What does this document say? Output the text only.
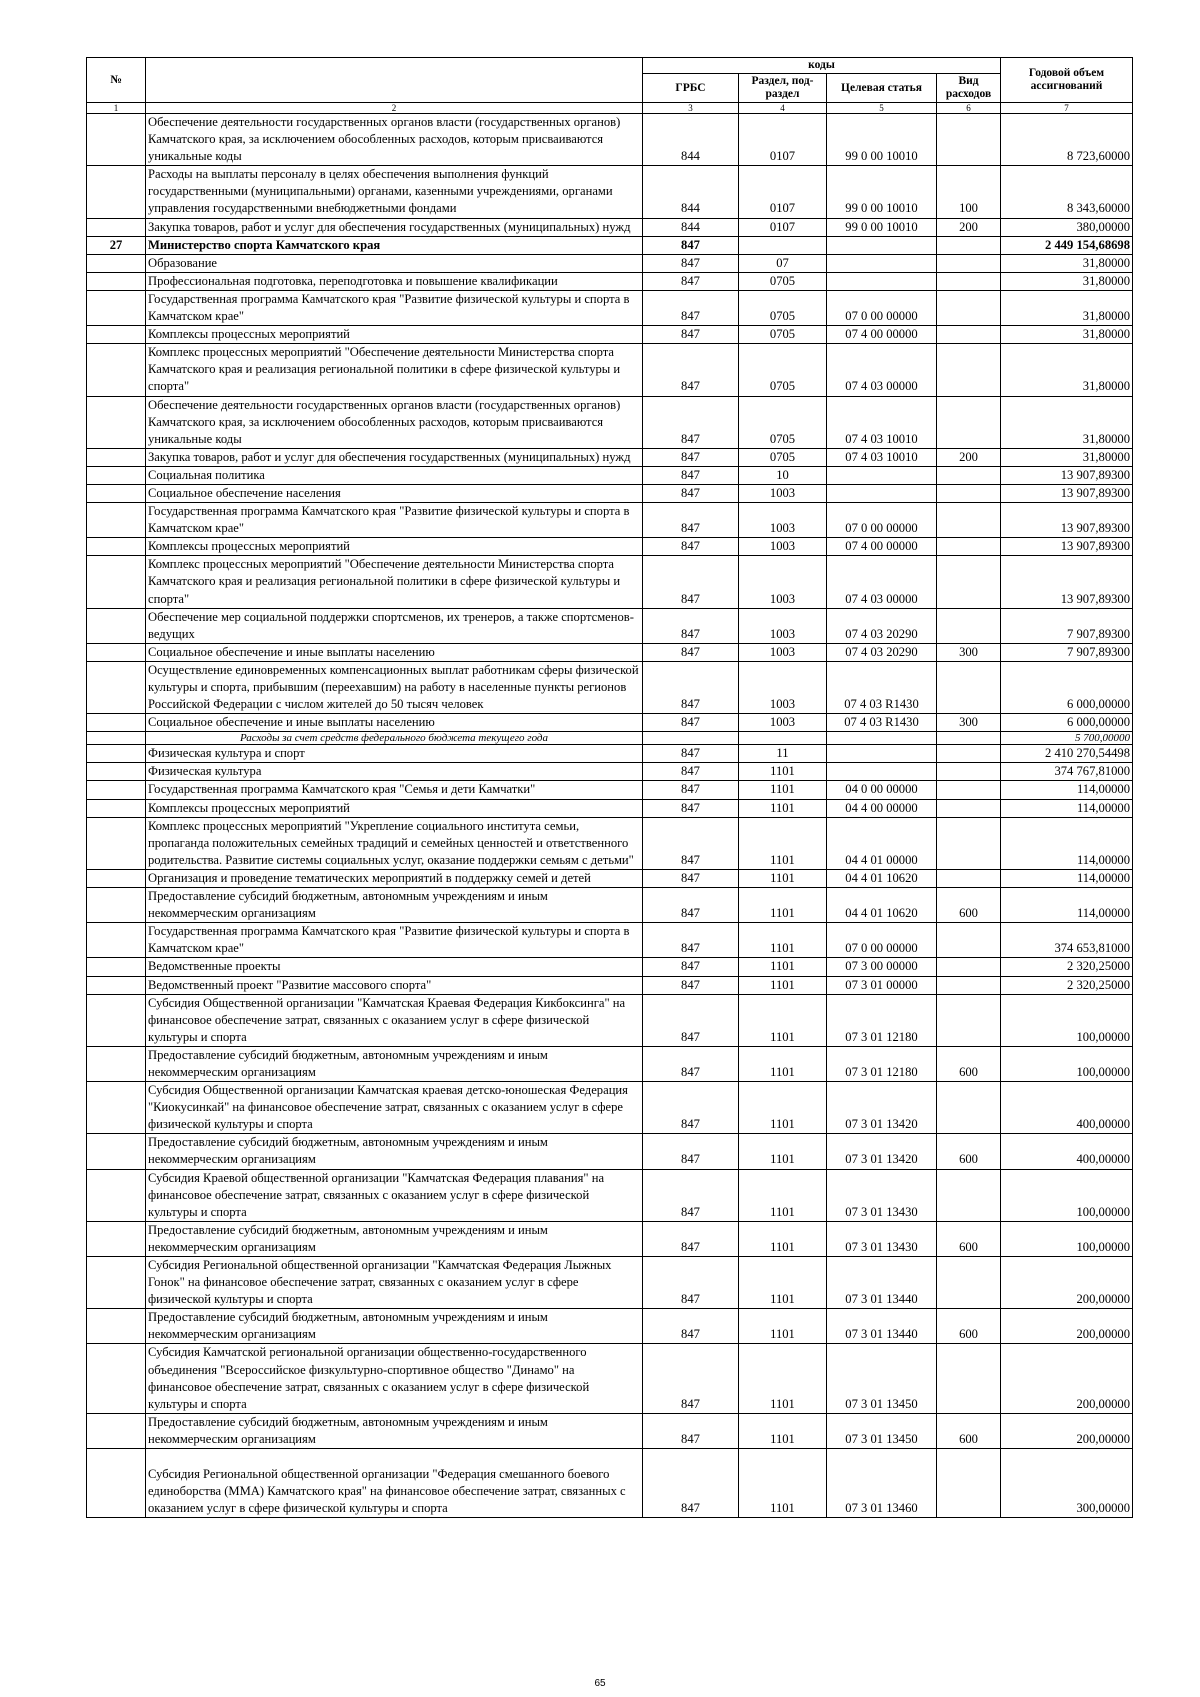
№		коды				Годовой объем ассигнований
		ГРБС	Раздел, под-раздел	Целевая статья	Вид расходов	
1	2	3	4	5	6	7
	Обеспечение деятельности государственных органов власти (государственных органов) Камчатского края, за исключением обособленных расходов, которым присваиваются уникальные коды	844	0107	99 0 00 10010		8 723,60000
	Расходы на выплаты персоналу в целях обеспечения выполнения функций государственными (муниципальными) органами, казенными учреждениями, органами управления государственными внебюджетными фондами	844	0107	99 0 00 10010	100	8 343,60000
	Закупка товаров, работ и услуг для обеспечения государственных (муниципальных) нужд	844	0107	99 0 00 10010	200	380,00000
27	Министерство спорта Камчатского края	847				2 449 154,68698
	Образование	847	07			31,80000
	Профессиональная подготовка, переподготовка и повышение квалификации	847	0705			31,80000
	Государственная программа Камчатского края "Развитие физической культуры и спорта в Камчатском крае"	847	0705	07 0 00 00000		31,80000
	Комплексы процессных мероприятий	847	0705	07 4 00 00000		31,80000
	Комплекс процессных мероприятий "Обеспечение деятельности Министерства спорта Камчатского края и реализация региональной политики в сфере физической культуры и спорта"	847	0705	07 4 03 00000		31,80000
	Обеспечение деятельности государственных органов власти (государственных органов) Камчатского края, за исключением обособленных расходов, которым присваиваются уникальные коды	847	0705	07 4 03 10010		31,80000
	Закупка товаров, работ и услуг для обеспечения государственных (муниципальных) нужд	847	0705	07 4 03 10010	200	31,80000
	Социальная политика	847	10			13 907,89300
	Социальное обеспечение населения	847	1003			13 907,89300
	Государственная программа Камчатского края "Развитие физической культуры и спорта в Камчатском крае"	847	1003	07 0 00 00000		13 907,89300
	Комплексы процессных мероприятий	847	1003	07 4 00 00000		13 907,89300
	Комплекс процессных мероприятий "Обеспечение деятельности Министерства спорта Камчатского края и реализация региональной политики в сфере физической культуры и спорта"	847	1003	07 4 03 00000		13 907,89300
	Обеспечение мер социальной поддержки спортсменов, их тренеров, а также спортсменов-ведущих	847	1003	07 4 03 20290		7 907,89300
	Социальное обеспечение и иные выплаты населению	847	1003	07 4 03 20290	300	7 907,89300
	Осуществление единовременных компенсационных выплат работникам сферы физической культуры и спорта, прибывшим (переехавшим) на работу в населенные пункты регионов Российской Федерации с числом жителей до 50 тысяч человек	847	1003	07 4 03 R1430		6 000,00000
	Социальное обеспечение и иные выплаты населению	847	1003	07 4 03 R1430	300	6 000,00000
	Расходы за счет средств федерального бюджета текущего года					5 700,00000
	Физическая культура и спорт	847	11			2 410 270,54498
	Физическая культура	847	1101			374 767,81000
	Государственная программа Камчатского края "Семья и дети Камчатки"	847	1101	04 0 00 00000		114,00000
	Комплексы процессных мероприятий	847	1101	04 4 00 00000		114,00000
	Комплекс процессных мероприятий "Укрепление социального института семьи, пропаганда положительных семейных традиций и семейных ценностей и ответственного родительства. Развитие системы социальных услуг, оказание поддержки семьям с детьми"	847	1101	04 4 01 00000		114,00000
	Организация и проведение тематических мероприятий в поддержку семей и детей	847	1101	04 4 01 10620		114,00000
	Предоставление субсидий бюджетным, автономным учреждениям и иным некоммерческим организациям	847	1101	04 4 01 10620	600	114,00000
	Государственная программа Камчатского края "Развитие физической культуры и спорта в Камчатском крае"	847	1101	07 0 00 00000		374 653,81000
	Ведомственные проекты	847	1101	07 3 00 00000		2 320,25000
	Ведомственный проект "Развитие массового спорта"	847	1101	07 3 01 00000		2 320,25000
	Субсидия Общественной организации "Камчатская Краевая Федерация Кикбоксинга" на финансовое обеспечение затрат, связанных с оказанием услуг в сфере физической культуры и спорта	847	1101	07 3 01 12180		100,00000
	Предоставление субсидий бюджетным, автономным учреждениям и иным некоммерческим организациям	847	1101	07 3 01 12180	600	100,00000
	Субсидия Общественной организации Камчатская краевая детско-юношеская Федерация "Киокусинкай" на финансовое обеспечение затрат, связанных с оказанием услуг в сфере физической культуры и спорта	847	1101	07 3 01 13420		400,00000
	Предоставление субсидий бюджетным, автономным учреждениям и иным некоммерческим организациям	847	1101	07 3 01 13420	600	400,00000
	Субсидия Краевой общественной организации "Камчатская Федерация плавания" на финансовое обеспечение затрат, связанных с оказанием услуг в сфере физической культуры и спорта	847	1101	07 3 01 13430		100,00000
	Предоставление субсидий бюджетным, автономным учреждениям и иным некоммерческим организациям	847	1101	07 3 01 13430	600	100,00000
	Субсидия Региональной общественной организации "Камчатская Федерация Лыжных Гонок" на финансовое обеспечение затрат, связанных с оказанием услуг в сфере физической культуры и спорта	847	1101	07 3 01 13440		200,00000
	Предоставление субсидий бюджетным, автономным учреждениям и иным некоммерческим организациям	847	1101	07 3 01 13440	600	200,00000
	Субсидия Камчатской региональной организации общественно-государственного объединения "Всероссийское физкультурно-спортивное общество "Динамо" на финансовое обеспечение затрат, связанных с оказанием услуг в сфере физической культуры и спорта	847	1101	07 3 01 13450		200,00000
	Предоставление субсидий бюджетным, автономным учреждениям и иным некоммерческим организациям	847	1101	07 3 01 13450	600	200,00000
	Субсидия Региональной общественной организации "Федерация смешанного боевого единоборства (ММА) Камчатского края" на финансовое обеспечение затрат, связанных с оказанием услуг в сфере физической культуры и спорта	847	1101	07 3 01 13460		300,00000
65
